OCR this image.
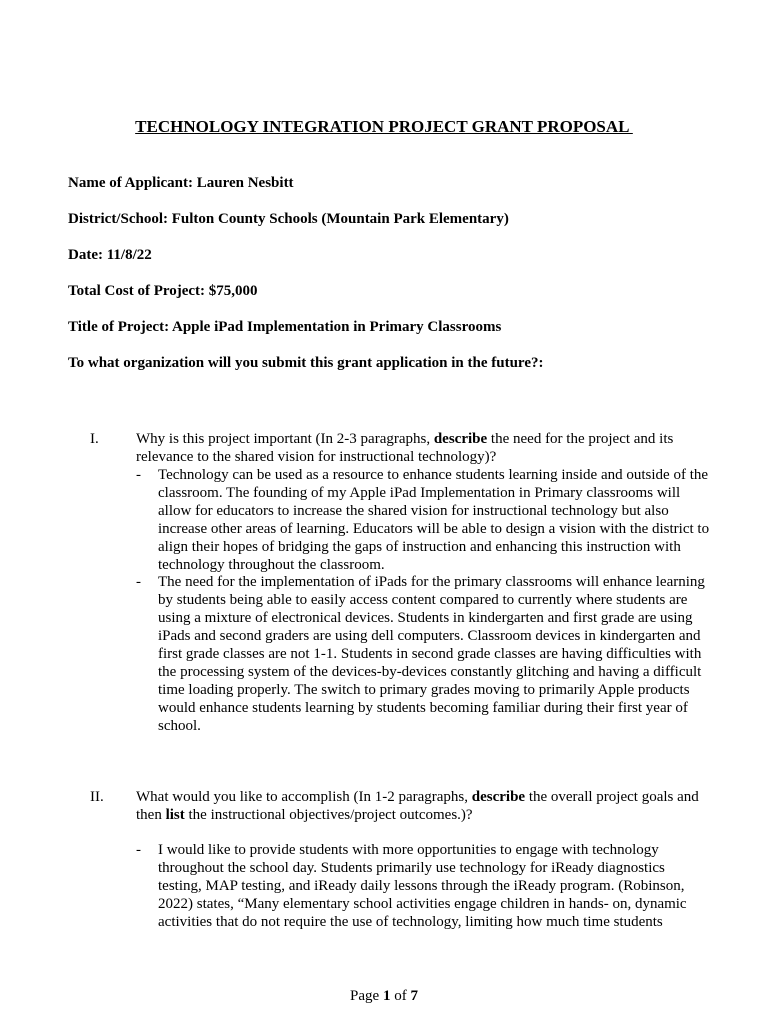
TECHNOLOGY INTEGRATION PROJECT GRANT PROPOSAL
Name of Applicant: Lauren Nesbitt
District/School: Fulton County Schools (Mountain Park Elementary)
Date: 11/8/22
Total Cost of Project: $75,000
Title of Project: Apple iPad Implementation in Primary Classrooms
To what organization will you submit this grant application in the future?:
I. Why is this project important (In 2-3 paragraphs, describe the need for the project and its relevance to the shared vision for instructional technology)?
- Technology can be used as a resource to enhance students learning inside and outside of the classroom. The founding of my Apple iPad Implementation in Primary classrooms will allow for educators to increase the shared vision for instructional technology but also increase other areas of learning. Educators will be able to design a vision with the district to align their hopes of bridging the gaps of instruction and enhancing this instruction with technology throughout the classroom.
- The need for the implementation of iPads for the primary classrooms will enhance learning by students being able to easily access content compared to currently where students are using a mixture of electronical devices. Students in kindergarten and first grade are using iPads and second graders are using dell computers. Classroom devices in kindergarten and first grade classes are not 1-1. Students in second grade classes are having difficulties with the processing system of the devices-by-devices constantly glitching and having a difficult time loading properly. The switch to primary grades moving to primarily Apple products would enhance students learning by students becoming familiar during their first year of school.
II. What would you like to accomplish (In 1-2 paragraphs, describe the overall project goals and then list the instructional objectives/project outcomes.)?
- I would like to provide students with more opportunities to engage with technology throughout the school day. Students primarily use technology for iReady diagnostics testing, MAP testing, and iReady daily lessons through the iReady program. (Robinson, 2022) states, “Many elementary school activities engage children in hands- on, dynamic activities that do not require the use of technology, limiting how much time students
Page 1 of 7
